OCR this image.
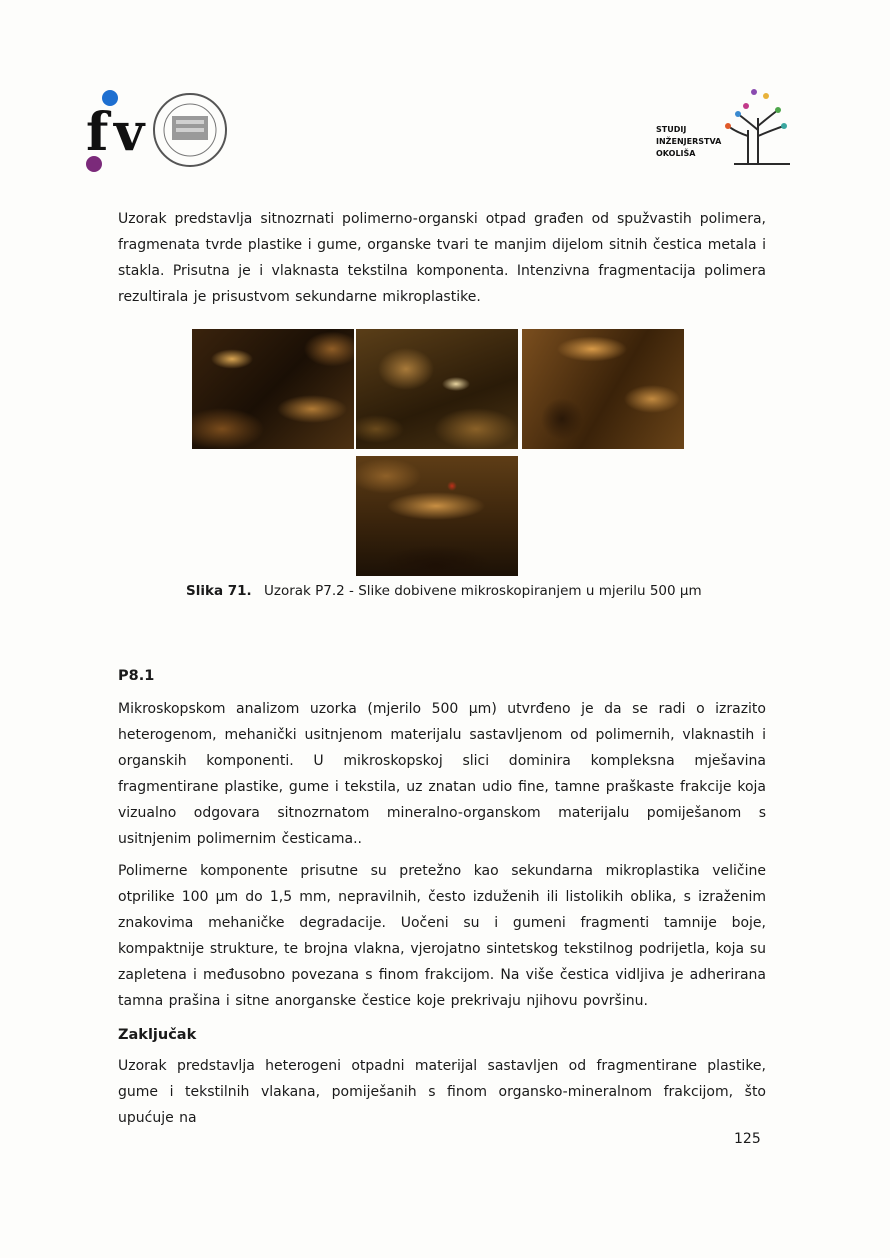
f v	STUDIJ
INŽENJERSTVA
OKOLIŠA

Uzorak predstavlja sitnozrnati polimerno-organski otpad građen od spužvastih polimera, fragmenata tvrde plastike i gume, organske tvari te manjim dijelom sitnih čestica metala i stakla. Prisutna je i vlaknasta tekstilna komponenta. Intenzivna fragmentacija polimera rezultirala je prisustvom sekundarne mikroplastike.

Slika 71. Uzorak P7.2 - Slike dobivene mikroskopiranjem u mjerilu 500 µm
P8.1

Mikroskopskom analizom uzorka (mjerilo 500 µm) utvrđeno je da se radi o izrazito heterogenom, mehanički usitnjenom materijalu sastavljenom od polimernih, vlaknastih i organskih komponenti. U mikroskopskoj slici dominira kompleksna mješavina fragmentirane plastike, gume i tekstila, uz znatan udio fine, tamne praškaste frakcije koja vizualno odgovara sitnozrnatom mineralno-organskom materijalu pomiješanom s usitnjenim polimernim česticama..

Polimerne komponente prisutne su pretežno kao sekundarna mikroplastika veličine otprilike 100 µm do 1,5 mm, nepravilnih, često izduženih ili listolikih oblika, s izraženim znakovima mehaničke degradacije. Uočeni su i gumeni fragmenti tamnije boje, kompaktnije strukture, te brojna vlakna, vjerojatno sintetskog tekstilnog podrijetla, koja su zapletena i međusobno povezana s finom frakcijom. Na više čestica vidljiva je adherirana tamna prašina i sitne anorganske čestice koje prekrivaju njihovu površinu.

Zaključak

Uzorak predstavlja heterogeni otpadni materijal sastavljen od fragmentirane plastike, gume i tekstilnih vlakana, pomiješanih s finom organsko-mineralnom frakcijom, što upućuje na

125
